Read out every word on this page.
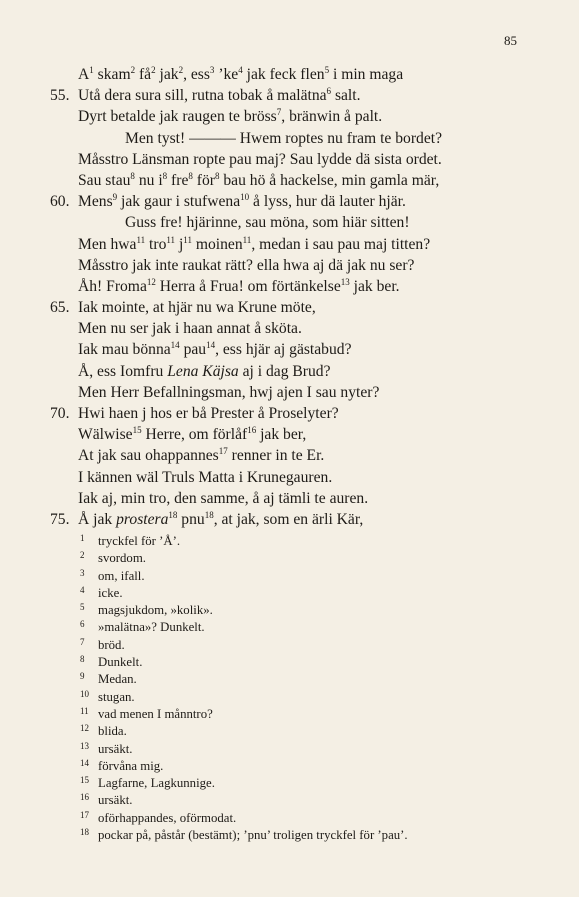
85
$A^1$ skam$^2$ $få^2$ jak$^2$, ess$^3$ $’ke^4$ jak feck flen$^5$ i min maga
55. Utå dera sura sill, rutna tobak å malätna$^6$ salt.
Dyrt betalde jak raugen te bröss$^7$, bränwin å palt.
Men tyst! ——— Hwem roptes nu fram te bordet?
Måsstro Länsman ropte pau maj? Sau lydde dä sista ordet.
Sau stau$^8$ nu $i^8$ fre$^8$ för$^8$ bau hö å hackelse, min gamla mär,
60. Mens$^9$ jak gaur i stufwena$^{10}$ å lyss, hur dä lauter hjär.
Guss fre! hjärinne, sau möna, som hiär sitten!
Men hwa$^{11}$ tro$^{11}$ $j^{11}$ moinen$^{11}$, medan i sau pau maj titten?
Måsstro jak inte raukat rätt? ella hwa aj dä jak nu ser?
Åh! Froma$^{12}$ Herra å Frua! om förtänkelse$^{13}$ jak ber.
65. Iak mointe, at hjär nu wa Krune möte,
Men nu ser jak i haan annat å sköta.
Iak mau bönna$^{14}$ pau$^{14}$, ess hjär aj gästabud?
Å, ess Iomfru Lena Käjsa aj i dag Brud?
Men Herr Befallningsman, hwj ajen I sau nyter?
70. Hwi haen j hos er bå Prester å Proselyter?
Wälwise$^{15}$ Herre, om förlåf$^{16}$ jak ber,
At jak sau ohappannes$^{17}$ renner in te Er.
I kännen wäl Truls Matta i Krunegauren.
Iak aj, min tro, den samme, å aj tämli te auren.
75. Å jak prostera$^{18}$ pnu$^{18}$, at jak, som en ärli Kär,
1 tryckfel för ’Å’.
2 svordom.
3 om, ifall.
4 icke.
5 magsjukdom, »kolik».
6 »malätna»? Dunkelt.
7 bröd.
8 Dunkelt.
9 Medan.
10 stugan.
11 vad menen I månntro?
12 blida.
13 ursäkt.
14 förvåna mig.
15 Lagfarne, Lagkunnige.
16 ursäkt.
17 oförhappandes, oförmodat.
18 pockar på, påstår (bestämt); ’pnu’ troligen tryckfel för ’pau’.
